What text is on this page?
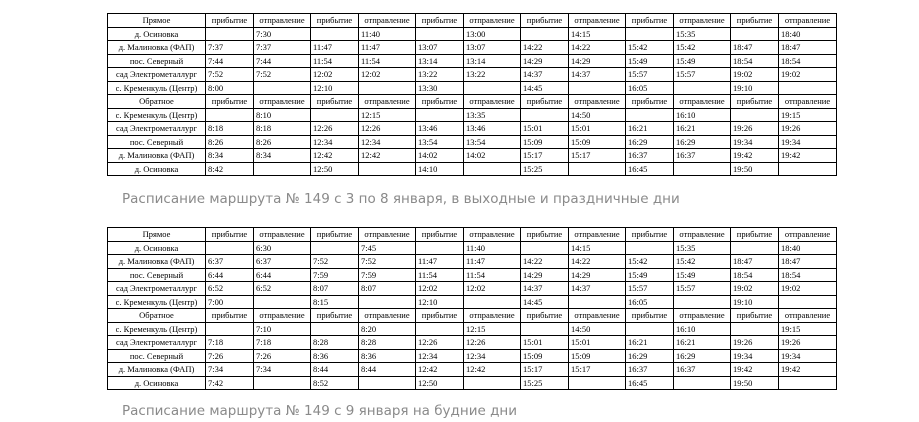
Прямое	прибытие	отправление	прибытие	отправление	прибытие	отправление	прибытие	отправление	прибытие	отправление	прибытие	отправление
д. Осиновка		7:30		11:40		13:00		14:15		15:35		18:40
д. Малиновка (ФАП)	7:37	7:37	11:47	11:47	13:07	13:07	14:22	14:22	15:42	15:42	18:47	18:47
пос. Северный	7:44	7:44	11:54	11:54	13:14	13:14	14:29	14:29	15:49	15:49	18:54	18:54
сад Электрометаллург	7:52	7:52	12:02	12:02	13:22	13:22	14:37	14:37	15:57	15:57	19:02	19:02
с. Кременкуль (Центр)	8:00		12:10		13:30		14:45		16:05		19:10	
Обратное	прибытие	отправление	прибытие	отправление	прибытие	отправление	прибытие	отправление	прибытие	отправление	прибытие	отправление
с. Кременкуль (Центр)		8:10		12:15		13:35		14:50		16:10		19:15
сад Электрометаллург	8:18	8:18	12:26	12:26	13:46	13:46	15:01	15:01	16:21	16:21	19:26	19:26
пос. Северный	8:26	8:26	12:34	12:34	13:54	13:54	15:09	15:09	16:29	16:29	19:34	19:34
д. Малиновка (ФАП)	8:34	8:34	12:42	12:42	14:02	14:02	15:17	15:17	16:37	16:37	19:42	19:42
д. Осиновка	8:42		12:50		14:10		15:25		16:45		19:50	
Расписание маршрута № 149 с 3 по 8 января, в выходные и праздничные дни
Прямое	прибытие	отправление	прибытие	отправление	прибытие	отправление	прибытие	отправление	прибытие	отправление	прибытие	отправление
д. Осиновка		6:30		7:45		11:40		14:15		15:35		18:40
д. Малиновка (ФАП)	6:37	6:37	7:52	7:52	11:47	11:47	14:22	14:22	15:42	15:42	18:47	18:47
пос. Северный	6:44	6:44	7:59	7:59	11:54	11:54	14:29	14:29	15:49	15:49	18:54	18:54
сад Электрометаллург	6:52	6:52	8:07	8:07	12:02	12:02	14:37	14:37	15:57	15:57	19:02	19:02
с. Кременкуль (Центр)	7:00		8:15		12:10		14:45		16:05		19:10	
Обратное	прибытие	отправление	прибытие	отправление	прибытие	отправление	прибытие	отправление	прибытие	отправление	прибытие	отправление
с. Кременкуль (Центр)		7:10		8:20		12:15		14:50		16:10		19:15
сад Электрометаллург	7:18	7:18	8:28	8:28	12:26	12:26	15:01	15:01	16:21	16:21	19:26	19:26
пос. Северный	7:26	7:26	8:36	8:36	12:34	12:34	15:09	15:09	16:29	16:29	19:34	19:34
д. Малиновка (ФАП)	7:34	7:34	8:44	8:44	12:42	12:42	15:17	15:17	16:37	16:37	19:42	19:42
д. Осиновка	7:42		8:52		12:50		15:25		16:45		19:50	
Расписание маршрута № 149 с 9 января на будние дни
